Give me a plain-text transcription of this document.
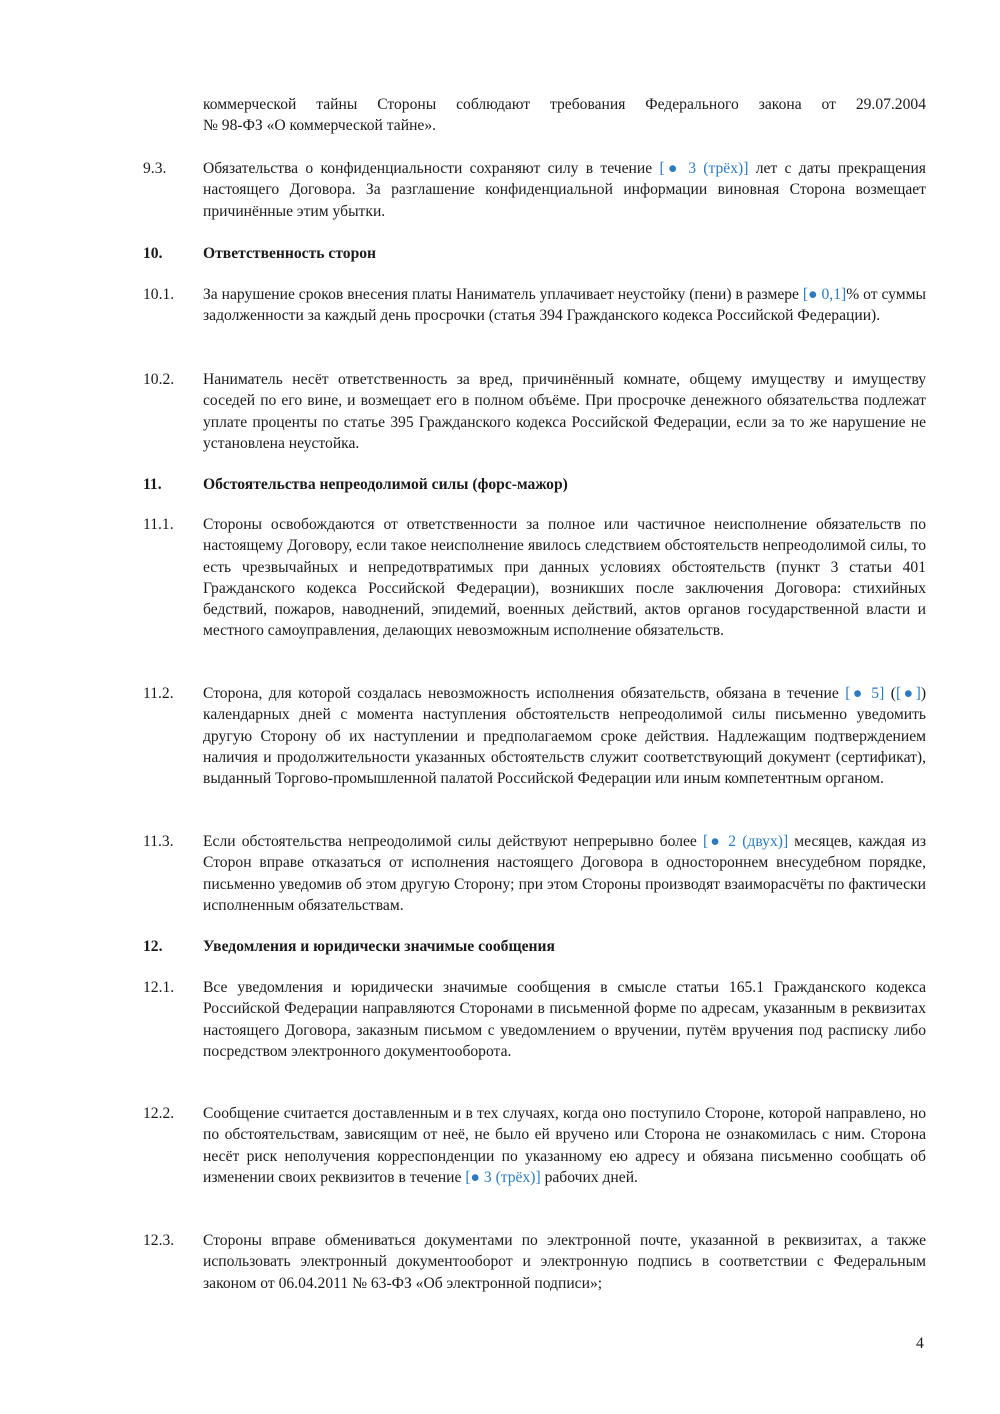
коммерческой тайны Стороны соблюдают требования Федерального закона от 29.07.2004
№ 98-ФЗ «О коммерческой тайне».
9.3. Обязательства о конфиденциальности сохраняют силу в течение [● 3 (трёх)] лет с даты прекращения настоящего Договора. За разглашение конфиденциальной информации виновная Сторона возмещает причинённые этим убытки.
10.	Ответственность сторон
10.1. За нарушение сроков внесения платы Наниматель уплачивает неустойку (пени) в размере [● 0,1]% от суммы задолженности за каждый день просрочки (статья 394 Гражданского кодекса Российской Федерации).
10.2. Наниматель несёт ответственность за вред, причинённый комнате, общему имуществу и имуществу соседей по его вине, и возмещает его в полном объёме. При просрочке денежного обязательства подлежат уплате проценты по статье 395 Гражданского кодекса Российской Федерации, если за то же нарушение не установлена неустойка.
11.	Обстоятельства непреодолимой силы (форс-мажор)
11.1. Стороны освобождаются от ответственности за полное или частичное неисполнение обязательств по настоящему Договору, если такое неисполнение явилось следствием обстоятельств непреодолимой силы, то есть чрезвычайных и непредотвратимых при данных условиях обстоятельств (пункт 3 статьи 401 Гражданского кодекса Российской Федерации), возникших после заключения Договора: стихийных бедствий, пожаров, наводнений, эпидемий, военных действий, актов органов государственной власти и местного самоуправления, делающих невозможным исполнение обязательств.
11.2. Сторона, для которой создалась невозможность исполнения обязательств, обязана в течение [● 5] ([●]) календарных дней с момента наступления обстоятельств непреодолимой силы письменно уведомить другую Сторону об их наступлении и предполагаемом сроке действия. Надлежащим подтверждением наличия и продолжительности указанных обстоятельств служит соответствующий документ (сертификат), выданный Торгово-промышленной палатой Российской Федерации или иным компетентным органом.
11.3. Если обстоятельства непреодолимой силы действуют непрерывно более [● 2 (двух)] месяцев, каждая из Сторон вправе отказаться от исполнения настоящего Договора в одностороннем внесудебном порядке, письменно уведомив об этом другую Сторону; при этом Стороны производят взаиморасчёты по фактически исполненным обязательствам.
12.	Уведомления и юридически значимые сообщения
12.1. Все уведомления и юридически значимые сообщения в смысле статьи 165.1 Гражданского кодекса Российской Федерации направляются Сторонами в письменной форме по адресам, указанным в реквизитах настоящего Договора, заказным письмом с уведомлением о вручении, путём вручения под расписку либо посредством электронного документооборота.
12.2. Сообщение считается доставленным и в тех случаях, когда оно поступило Стороне, которой направлено, но по обстоятельствам, зависящим от неё, не было ей вручено или Сторона не ознакомилась с ним. Сторона несёт риск неполучения корреспонденции по указанному ею адресу и обязана письменно сообщать об изменении своих реквизитов в течение [● 3 (трёх)] рабочих дней.
12.3. Стороны вправе обмениваться документами по электронной почте, указанной в реквизитах, а также использовать электронный документооборот и электронную подпись в соответствии с Федеральным законом от 06.04.2011 № 63-ФЗ «Об электронной подписи»;
4
